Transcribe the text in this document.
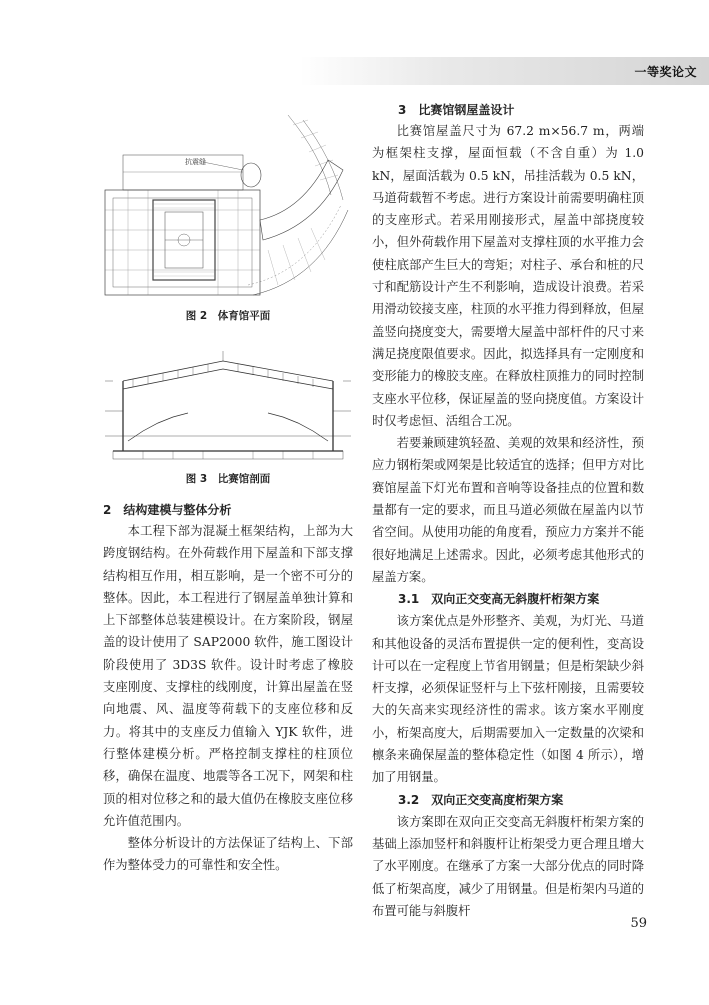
一等奖论文
抗震缝
图 2　体育馆平面
图 3　比赛馆剖面
2　结构建模与整体分析

本工程下部为混凝土框架结构，上部为大跨度钢结构。在外荷载作用下屋盖和下部支撑结构相互作用，相互影响，是一个密不可分的整体。因此，本工程进行了钢屋盖单独计算和上下部整体总装建模设计。在方案阶段，钢屋盖的设计使用了 SAP2000 软件，施工图设计阶段使用了 3D3S 软件。设计时考虑了橡胶支座刚度、支撑柱的线刚度，计算出屋盖在竖向地震、风、温度等荷载下的支座位移和反力。将其中的支座反力值输入 YJK 软件，进行整体建模分析。严格控制支撑柱的柱顶位移，确保在温度、地震等各工况下，网架和柱顶的相对位移之和的最大值仍在橡胶支座位移允许值范围内。

整体分析设计的方法保证了结构上、下部作为整体受力的可靠性和安全性。

3　比赛馆钢屋盖设计

比赛馆屋盖尺寸为 67.2 m×56.7 m，两端为框架柱支撑，屋面恒载（不含自重）为 1.0 kN，屋面活载为 0.5 kN，吊挂活载为 0.5 kN，马道荷载暂不考虑。进行方案设计前需要明确柱顶的支座形式。若采用刚接形式，屋盖中部挠度较小，但外荷载作用下屋盖对支撑柱顶的水平推力会使柱底部产生巨大的弯矩；对柱子、承台和桩的尺寸和配筋设计产生不利影响，造成设计浪费。若采用滑动铰接支座，柱顶的水平推力得到释放，但屋盖竖向挠度变大，需要增大屋盖中部杆件的尺寸来满足挠度限值要求。因此，拟选择具有一定刚度和变形能力的橡胶支座。在释放柱顶推力的同时控制支座水平位移，保证屋盖的竖向挠度值。方案设计时仅考虑恒、活组合工况。

若要兼顾建筑轻盈、美观的效果和经济性，预应力钢桁架或网架是比较适宜的选择；但甲方对比赛馆屋盖下灯光布置和音响等设备挂点的位置和数量都有一定的要求，而且马道必须做在屋盖内以节省空间。从使用功能的角度看，预应力方案并不能很好地满足上述需求。因此，必须考虑其他形式的屋盖方案。

3.1　双向正交变高无斜腹杆桁架方案

该方案优点是外形整齐、美观，为灯光、马道和其他设备的灵活布置提供一定的便利性，变高设计可以在一定程度上节省用钢量；但是桁架缺少斜杆支撑，必须保证竖杆与上下弦杆刚接，且需要较大的矢高来实现经济性的需求。该方案水平刚度小，桁架高度大，后期需要加入一定数量的次梁和檩条来确保屋盖的整体稳定性（如图 4 所示），增加了用钢量。

3.2　双向正交变高度桁架方案

该方案即在双向正交变高无斜腹杆桁架方案的基础上添加竖杆和斜腹杆让桁架受力更合理且增大了水平刚度。在继承了方案一大部分优点的同时降低了桁架高度，减少了用钢量。但是桁架内马道的布置可能与斜腹杆

59
